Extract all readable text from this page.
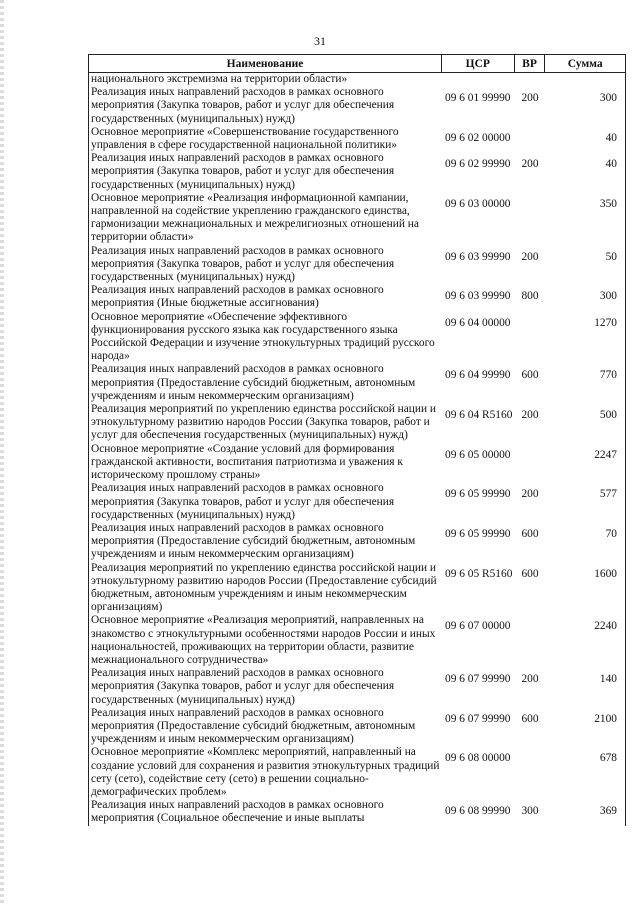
31
Наименование	ЦСР	ВР	Сумма
национального экстремизма на территории области»
Реализация иных направлений расходов в рамках основного мероприятия (Закупка товаров, работ и услуг для обеспечения государственных (муниципальных) нужд)
09 6 01 99990 200	300
Основное мероприятие «Совершенствование государственного управления в сфере государственной национальной политики»
09 6 02 00000	40
Реализация иных направлений расходов в рамках основного мероприятия (Закупка товаров, работ и услуг для обеспечения государственных (муниципальных) нужд)
09 6 02 99990 200	40
Основное мероприятие «Реализация информационной кампании, направленной на содействие укреплению гражданского единства, гармонизации межнациональных и межрелигиозных отношений на территории области»
09 6 03 00000	350
Реализация иных направлений расходов в рамках основного мероприятия (Закупка товаров, работ и услуг для обеспечения государственных (муниципальных) нужд)
09 6 03 99990 200	50
Реализация иных направлений расходов в рамках основного мероприятия (Иные бюджетные ассигнования)
09 6 03 99990 800	300
Основное мероприятие «Обеспечение эффективного функционирования русского языка как государственного языка Российской Федерации и изучение этнокультурных традиций русского народа»
09 6 04 00000	1270
Реализация иных направлений расходов в рамках основного мероприятия (Предоставление субсидий бюджетным, автономным учреждениям и иным некоммерческим организациям)
09 6 04 99990 600	770
Реализация мероприятий по укреплению единства российской нации и этнокультурному развитию народов России (Закупка товаров, работ и услуг для обеспечения государственных (муниципальных) нужд)
09 6 04 R5160 200	500
Основное мероприятие «Создание условий для формирования гражданской активности, воспитания патриотизма и уважения к историческому прошлому страны»
09 6 05 00000	2247
Реализация иных направлений расходов в рамках основного мероприятия (Закупка товаров, работ и услуг для обеспечения государственных (муниципальных) нужд)
09 6 05 99990 200	577
Реализация иных направлений расходов в рамках основного мероприятия (Предоставление субсидий бюджетным, автономным учреждениям и иным некоммерческим организациям)
09 6 05 99990 600	70
Реализация мероприятий по укреплению единства российской нации и этнокультурному развитию народов России (Предоставление субсидий бюджетным, автономным учреждениям и иным некоммерческим организациям)
09 6 05 R5160 600	1600
Основное мероприятие «Реализация мероприятий, направленных на знакомство с этнокультурными особенностями народов России и иных национальностей, проживающих на территории области, развитие межнационального сотрудничества»
09 6 07 00000	2240
Реализация иных направлений расходов в рамках основного мероприятия (Закупка товаров, работ и услуг для обеспечения государственных (муниципальных) нужд)
09 6 07 99990 200	140
Реализация иных направлений расходов в рамках основного мероприятия (Предоставление субсидий бюджетным, автономным учреждениям и иным некоммерческим организациям)
09 6 07 99990 600	2100
Основное мероприятие «Комплекс мероприятий, направленный на создание условий для сохранения и развития этнокультурных традиций сету (сето), содействие сету (сето) в решении социально-демографических проблем»
09 6 08 00000	678
Реализация иных направлений расходов в рамках основного мероприятия (Социальное обеспечение и иные выплаты
09 6 08 99990 300	369
